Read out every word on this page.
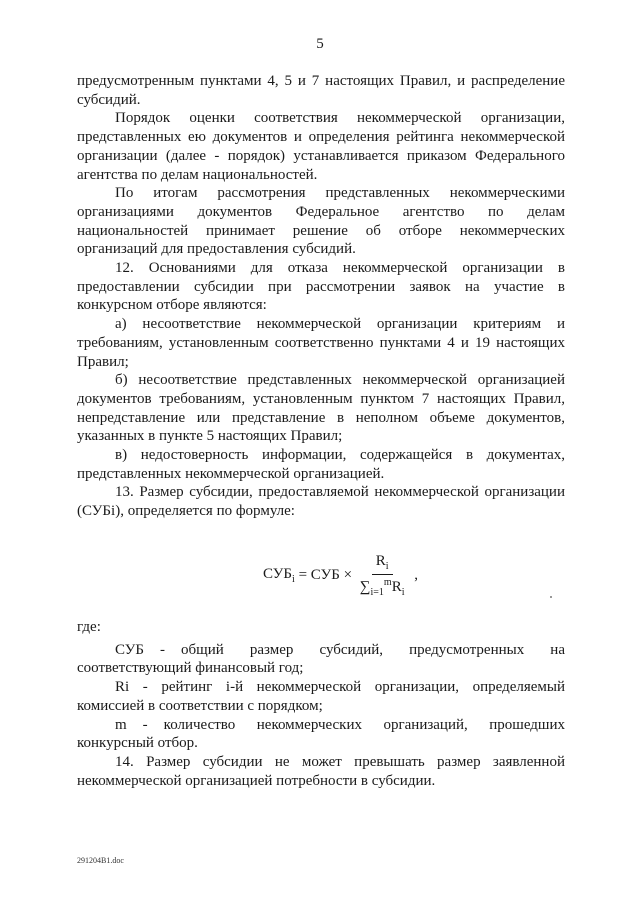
5

предусмотренным пунктами 4, 5 и 7 настоящих Правил, и распределение субсидий.

Порядок оценки соответствия некоммерческой организации, представленных ею документов и определения рейтинга некоммерческой организации (далее - порядок) устанавливается приказом Федерального агентства по делам национальностей.

По итогам рассмотрения представленных некоммерческими организациями документов Федеральное агентство по делам национальностей принимает решение об отборе некоммерческих организаций для предоставления субсидий.

12. Основаниями для отказа некоммерческой организации в предоставлении субсидии при рассмотрении заявок на участие в конкурсном отборе являются:

а) несоответствие некоммерческой организации критериям и требованиям, установленным соответственно пунктами 4 и 19 настоящих Правил;

б) несоответствие представленных некоммерческой организацией документов требованиям, установленным пунктом 7 настоящих Правил, непредставление или представление в неполном объеме документов, указанных в пункте 5 настоящих Правил;

в) недостоверность информации, содержащейся в документах, представленных некоммерческой организацией.

13. Размер субсидии, предоставляемой некоммерческой организации (СУБi), определяется по формуле:

$СУБ_i$ = СУБ × $\frac{R_i}{\sum_{i=1}^mR_i}$ ,

где:

СУБ - общий размер субсидий, предусмотренных на соответствующий финансовый год;

Ri - рейтинг i-й некоммерческой организации, определяемый комиссией в соответствии с порядком;

m - количество некоммерческих организаций, прошедших конкурсный отбор.

14. Размер субсидии не может превышать размер заявленной некоммерческой организацией потребности в субсидии.

291204B1.doc
